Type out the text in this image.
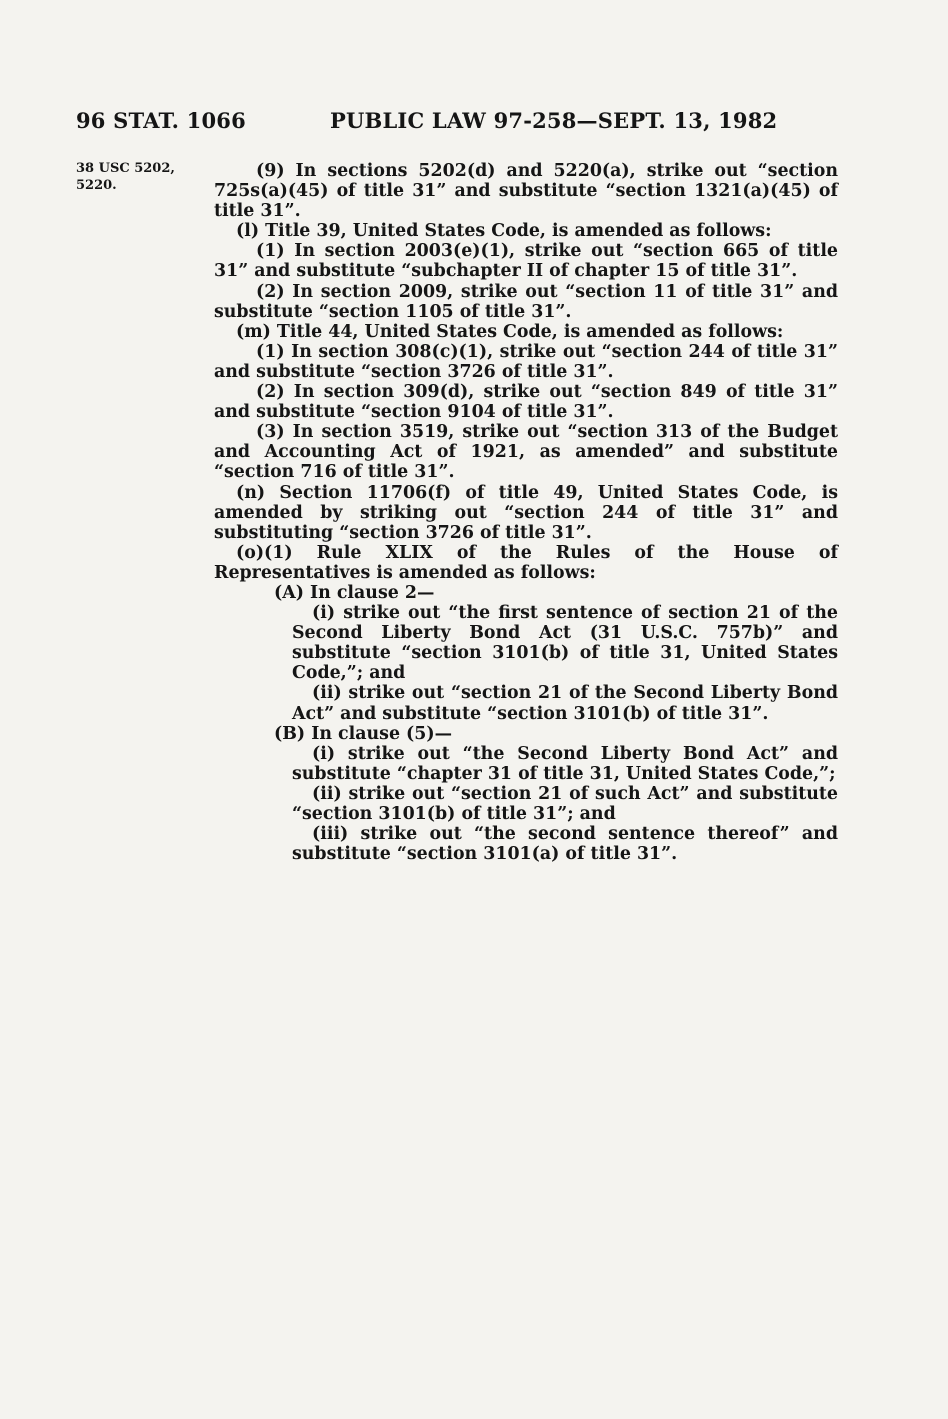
96 STAT. 1066	PUBLIC LAW 97-258—SEPT. 13, 1982
38 USC 5202, 5220.

(9) In sections 5202(d) and 5220(a), strike out “section 725s(a)(45) of title 31” and substitute “section 1321(a)(45) of title 31”.

(l) Title 39, United States Code, is amended as follows:

(1) In section 2003(e)(1), strike out “section 665 of title 31” and substitute “subchapter II of chapter 15 of title 31”.

(2) In section 2009, strike out “section 11 of title 31” and substitute “section 1105 of title 31”.

(m) Title 44, United States Code, is amended as follows:

(1) In section 308(c)(1), strike out “section 244 of title 31” and substitute “section 3726 of title 31”.

(2) In section 309(d), strike out “section 849 of title 31” and substitute “section 9104 of title 31”.

(3) In section 3519, strike out “section 313 of the Budget and Accounting Act of 1921, as amended” and substitute “section 716 of title 31”.

(n) Section 11706(f) of title 49, United States Code, is amended by striking out “section 244 of title 31” and substituting “section 3726 of title 31”.

(o)(1) Rule XLIX of the Rules of the House of Representatives is amended as follows:

(A) In clause 2—

(i) strike out “the first sentence of section 21 of the Second Liberty Bond Act (31 U.S.C. 757b)” and substitute “section 3101(b) of title 31, United States Code,”; and

(ii) strike out “section 21 of the Second Liberty Bond Act” and substitute “section 3101(b) of title 31”.

(B) In clause (5)—

(i) strike out “the Second Liberty Bond Act” and substitute “chapter 31 of title 31, United States Code,”;

(ii) strike out “section 21 of such Act” and substitute “section 3101(b) of title 31”; and

(iii) strike out “the second sentence thereof” and substitute “section 3101(a) of title 31”.
